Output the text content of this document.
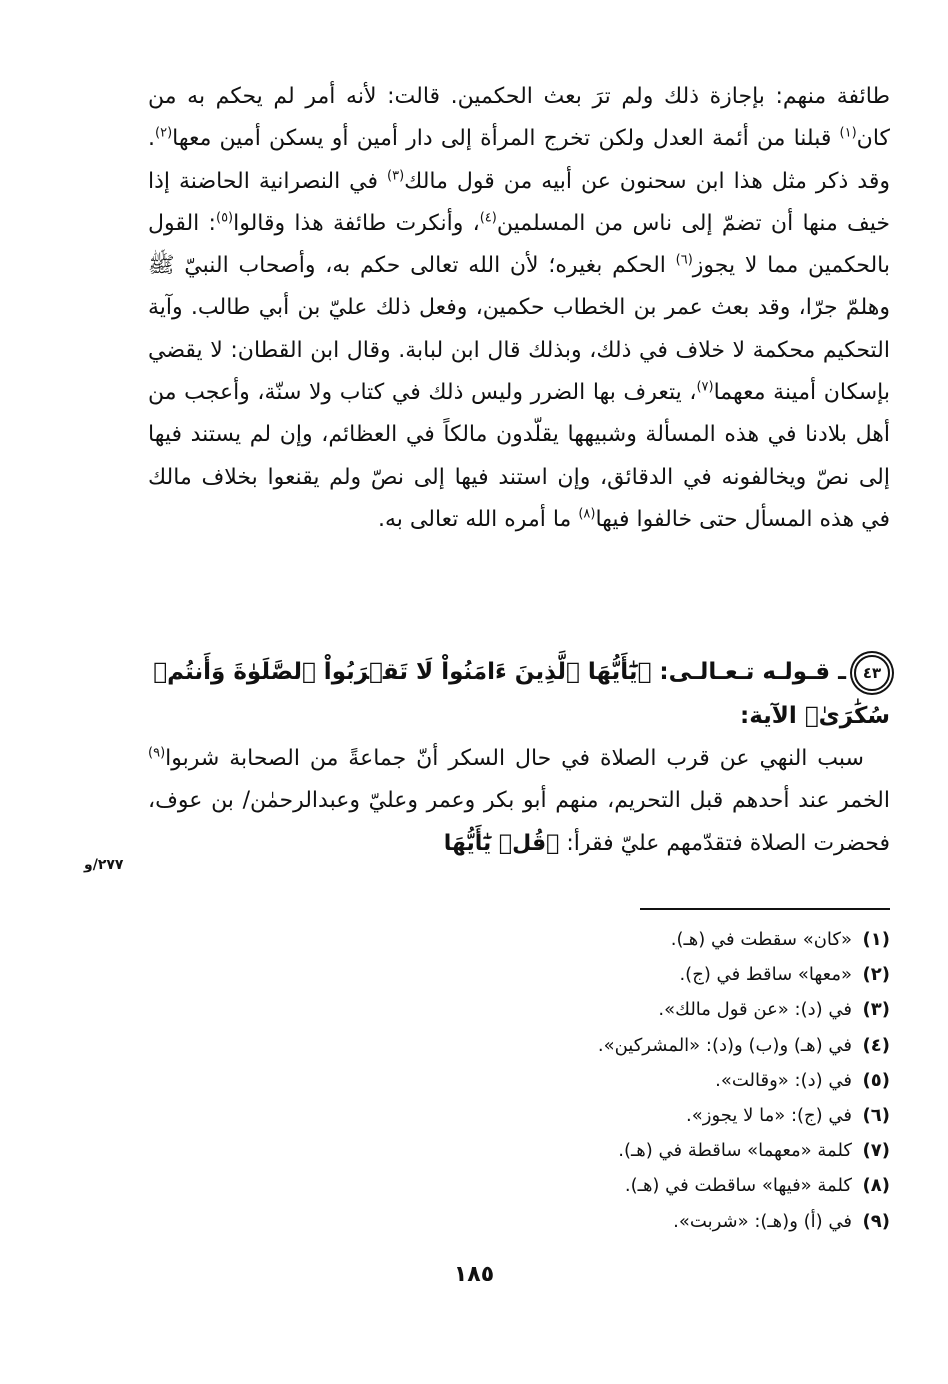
طائفة منهم: بإجازة ذلك ولم ترَ بعث الحكمين. قالت: لأنه أمر لم يحكم به من كان$^{(١)}$ قبلنا من أئمة العدل ولكن تخرج المرأة إلى دار أمين أو يسكن أمين معها$^{(٢)}$. وقد ذكر مثل هذا ابن سحنون عن أبيه من قول مالك$^{(٣)}$ في النصرانية الحاضنة إذا خيف منها أن تضمّ إلى ناس من المسلمين$^{(٤)}$، وأنكرت طائفة هذا وقالوا$^{(٥)}$: القول بالحكمين مما لا يجوز$^{(٦)}$ الحكم بغيره؛ لأن الله تعالى حكم به، وأصحاب النبيّ ﷺ وهلمّ جرّا، وقد بعث عمر بن الخطاب حكمين، وفعل ذلك عليّ بن أبي طالب. وآية التحكيم محكمة لا خلاف في ذلك، وبذلك قال ابن لبابة. وقال ابن القطان: لا يقضي بإسكان أمينة معهما$^{(٧)}$، يتعرف بها الضرر وليس ذلك في كتاب ولا سنّة، وأعجب من أهل بلادنا في هذه المسألة وشبيهها يقلّدون مالكاً في العظائم، وإن لم يستند فيها إلى نصّ ويخالفونه في الدقائق، وإن استند فيها إلى نصّ ولم يقنعوا بخلاف مالك في هذه المسأل حتى خالفوا فيها$^{(٨)}$ ما أمره الله تعالى به.

٤٣ـ قـولـه تـعـالـى: ﴿يَٰٓأَيُّهَا ٱلَّذِينَ ءَامَنُواْ لَا تَقۡرَبُواْ ٱلصَّلَوٰةَ وَأَنتُمۡ سُكَٰرَىٰ﴾ الآية:

سبب النهي عن قرب الصلاة في حال السكر أنّ جماعةً من الصحابة شربوا$^{(٩)}$ الخمر عند أحدهم قبل التحريم، منهم أبو بكر وعمر وعليّ وعبدالرحمٰن/ بن عوف، فحضرت الصلاة فتقدّمهم عليّ فقرأ: ﴿قُلۡ يَٰٓأَيُّهَا

٢٧٧/و
(١)«كان» سقطت في (هـ).
(٢)«معها» ساقط في (ج).
(٣)في (د): «عن قول مالك».
(٤)في (هـ) و(ب) و(د): «المشركين».
(٥)في (د): «وقالت».
(٦)في (ج): «ما لا يجوز».
(٧)كلمة «معهما» ساقطة في (هـ).
(٨)كلمة «فيها» ساقطت في (هـ).
(٩)في (أ) و(هـ): «شربت».
١٨٥
